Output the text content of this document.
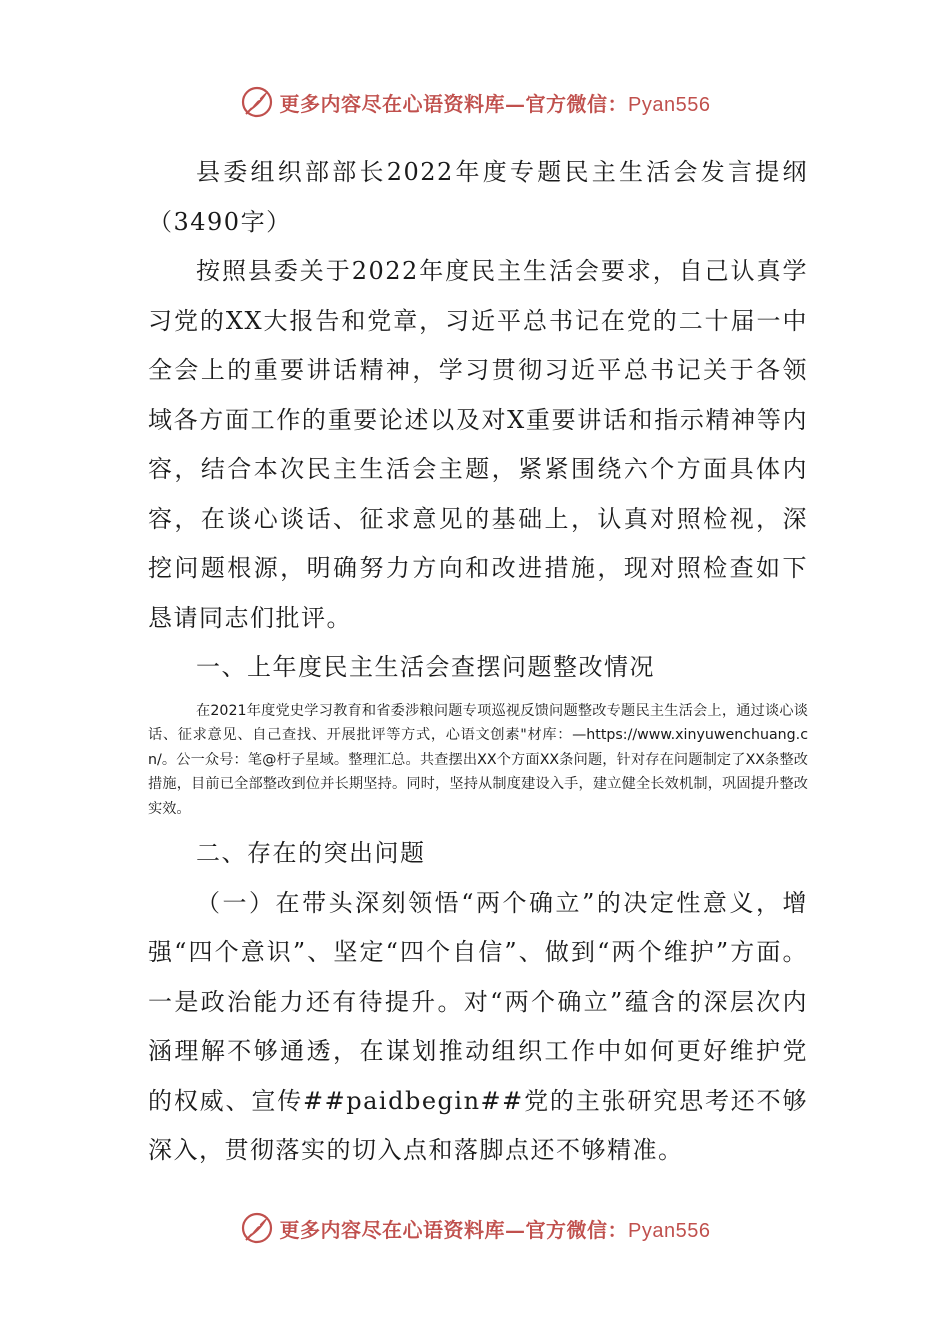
更多内容尽在心语资料库—官方微信：Pyan556

县委组织部部长2022年度专题民主生活会发言提纲（3490字）

按照县委关于2022年度民主生活会要求，自己认真学习党的XX大报告和党章，习近平总书记在党的二十届一中全会上的重要讲话精神，学习贯彻习近平总书记关于各领域各方面工作的重要论述以及对X重要讲话和指示精神等内容，结合本次民主生活会主题，紧紧围绕六个方面具体内容，在谈心谈话、征求意见的基础上，认真对照检视，深挖问题根源，明确努力方向和改进措施，现对照检查如下恳请同志们批评。

一、上年度民主生活会查摆问题整改情况

在2021年度党史学习教育和省委涉粮问题专项巡视反馈问题整改专题民主生活会上，通过谈心谈话、征求意见、自己查找、开展批评等方式，心语文创素"材库：—https://www.xinyuwenchuang.cn/。公一众号：笔@杅子星域。整理汇总。共查摆出XX个方面XX条问题，针对存在问题制定了XX条整改措施，目前已全部整改到位并长期坚持。同时，坚持从制度建设入手，建立健全长效机制，巩固提升整改实效。

二、存在的突出问题

（一）在带头深刻领悟“两个确立”的决定性意义，增强“四个意识”、坚定“四个自信”、做到“两个维护”方面。一是政治能力还有待提升。对“两个确立”蕴含的深层次内涵理解不够通透，在谋划推动组织工作中如何更好维护党的权威、宣传##paidbegin##党的主张研究思考还不够深入，贯彻落实的切入点和落脚点还不够精准。

更多内容尽在心语资料库—官方微信：Pyan556
